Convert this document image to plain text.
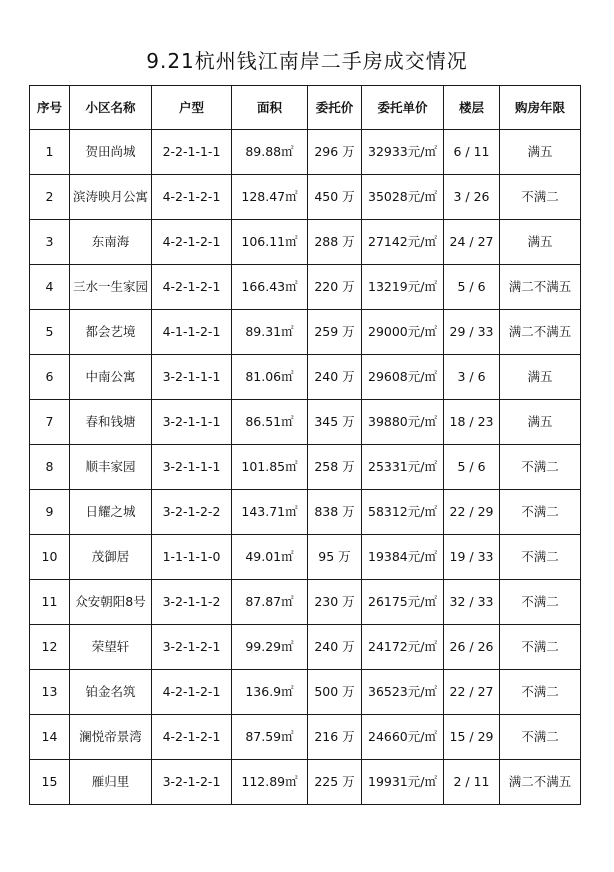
9.21杭州钱江南岸二手房成交情况
序号	小区名称	户型	面积	委托价	委托单价	楼层	购房年限
1	贺田尚城	2-2-1-1-1	89.88㎡	296 万	32933元/㎡	6 / 11	满五
2	滨涛映月公寓	4-2-1-2-1	128.47㎡	450 万	35028元/㎡	3 / 26	不满二
3	东南海	4-2-1-2-1	106.11㎡	288 万	27142元/㎡	24 / 27	满五
4	三水一生家园	4-2-1-2-1	166.43㎡	220 万	13219元/㎡	5 / 6	满二不满五
5	都会艺境	4-1-1-2-1	89.31㎡	259 万	29000元/㎡	29 / 33	满二不满五
6	中南公寓	3-2-1-1-1	81.06㎡	240 万	29608元/㎡	3 / 6	满五
7	春和钱塘	3-2-1-1-1	86.51㎡	345 万	39880元/㎡	18 / 23	满五
8	顺丰家园	3-2-1-1-1	101.85㎡	258 万	25331元/㎡	5 / 6	不满二
9	日耀之城	3-2-1-2-2	143.71㎡	838 万	58312元/㎡	22 / 29	不满二
10	茂御居	1-1-1-1-0	49.01㎡	95 万	19384元/㎡	19 / 33	不满二
11	众安朝阳8号	3-2-1-1-2	87.87㎡	230 万	26175元/㎡	32 / 33	不满二
12	荣望轩	3-2-1-2-1	99.29㎡	240 万	24172元/㎡	26 / 26	不满二
13	铂金名筑	4-2-1-2-1	136.9㎡	500 万	36523元/㎡	22 / 27	不满二
14	澜悦帝景湾	4-2-1-2-1	87.59㎡	216 万	24660元/㎡	15 / 29	不满二
15	雁归里	3-2-1-2-1	112.89㎡	225 万	19931元/㎡	2 / 11	满二不满五
